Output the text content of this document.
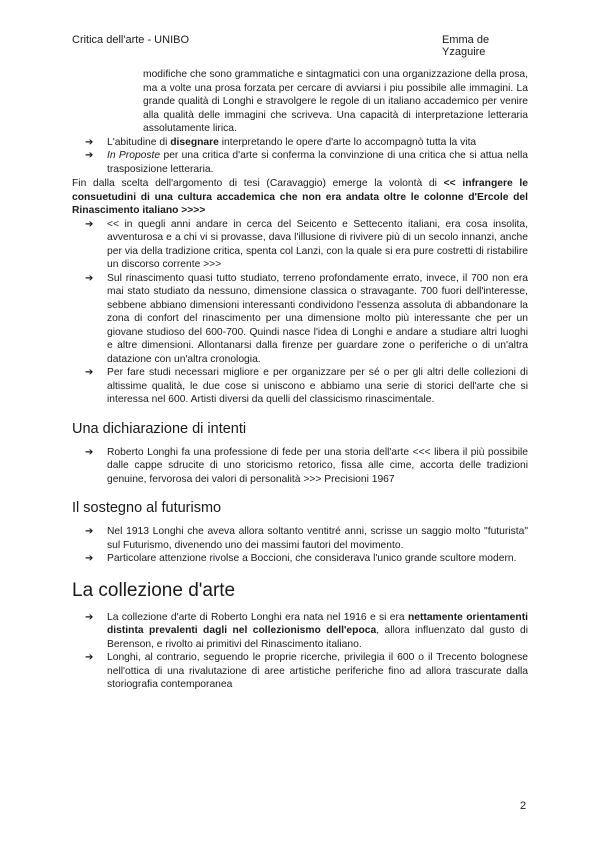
Critica dell'arte - UNIBO	Emma de Yzaguire
modifiche che sono grammatiche e sintagmatici con una organizzazione della prosa, ma a volte una prosa forzata per cercare di avviarsi i piu possibile alle immagini. La grande qualità di Longhi e stravolgere le regole di un italiano accademico per venire alla qualità delle immagini che scriveva. Una capacità di interpretazione letteraria assolutamente lirica.
➔ L'abitudine di disegnare interpretando le opere d'arte lo accompagnò tutta la vita
➔ In Proposte per una critica d'arte si conferma la convinzione di una critica che si attua nella trasposizione letteraria.
Fin dalla scelta dell'argomento di tesi (Caravaggio) emerge la volontà di << infrangere le consuetudini di una cultura accademica che non era andata oltre le colonne d'Ercole del Rinascimento italiano >>>>
➔ << in quegli anni andare in cerca del Seicento e Settecento italiani, era cosa insolita, avventurosa e a chi vi si provasse, dava l'illusione di rivivere più di un secolo innanzi, anche per via della tradizione critica, spenta col Lanzi, con la quale si era pure costretti di ristabilire un discorso corrente >>>
➔ Sul rinascimento quasi tutto studiato, terreno profondamente errato, invece, il 700 non era mai stato studiato da nessuno, dimensione classica o stravagante. 700 fuori dell'interesse, sebbene abbiano dimensioni interessanti condividono l'essenza assoluta di abbandonare la zona di confort del rinascimento per una dimensione molto più interessante che per un giovane studioso del 600-700. Quindi nasce l'idea di Longhi e andare a studiare altri luoghi e altre dimensioni. Allontanarsi dalla firenze per guardare zone o periferiche o di un'altra datazione con un'altra cronologia.
➔ Per fare studi necessari migliore e per organizzare per sé o per gli altri delle collezioni di altissime qualità, le due cose si uniscono e abbiamo una serie di storici dell'arte che si interessa nel 600. Artisti diversi da quelli del classicismo rinascimentale.
Una dichiarazione di intenti
➔ Roberto Longhi fa una professione di fede per una storia dell'arte <<< libera il più possibile dalle cappe sdrucite di uno storicismo retorico, fissa alle cime, accorta delle tradizioni genuine, fervorosa dei valori di personalità >>> Precisioni 1967
Il sostegno al futurismo
➔ Nel 1913 Longhi che aveva allora soltanto ventitré anni, scrisse un saggio molto "futurista" sul Futurismo, divenendo uno dei massimi fautori del movimento.
➔ Particolare attenzione rivolse a Boccioni, che considerava l'unico grande scultore modern.
La collezione d'arte
➔ La collezione d'arte di Roberto Longhi era nata nel 1916 e si era nettamente orientamenti distinta prevalenti dagli nel collezionismo dell'epoca, allora influenzato dal gusto di Berenson, e rivolto ai primitivi del Rinascimento italiano.
➔ Longhi, al contrario, seguendo le proprie ricerche, privilegia il 600 o il Trecento bolognese nell'ottica di una rivalutazione di aree artistiche periferiche fino ad allora trascurate dalla storiografia contemporanea
2
